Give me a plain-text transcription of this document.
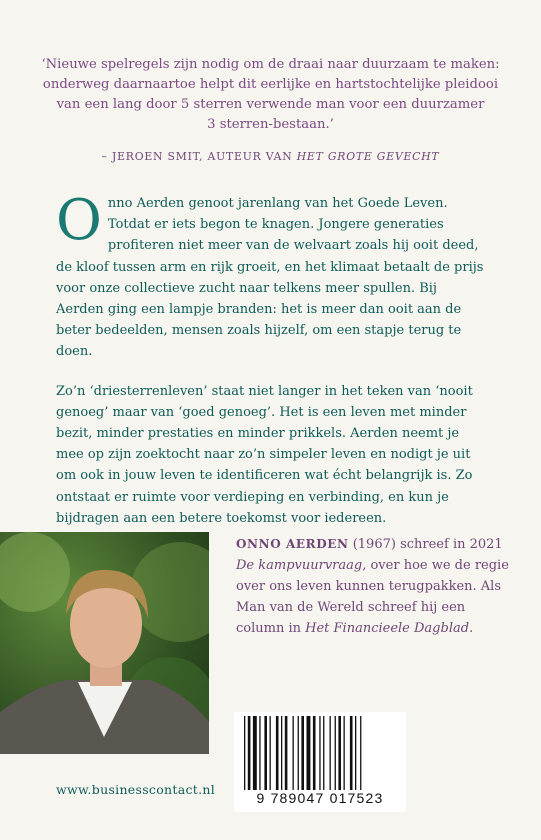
‘Nieuwe spelregels zijn nodig om de draai naar duurzaam te maken:

onderweg daarnaartoe helpt dit eerlijke en hartstochtelijke pleidooi

van een lang door 5 sterren verwende man voor een duurzamer

3 sterren-bestaan.’

– JEROEN SMIT, AUTEUR VAN HET GROTE GEVECHT

Onno Aerden genoot jarenlang van het Goede Leven. Totdat er iets begon te knagen. Jongere generaties profiteren niet meer van de welvaart zoals hij ooit deed, de kloof tussen arm en rijk groeit, en het klimaat betaalt de prijs voor onze collectieve zucht naar telkens meer spullen. Bij Aerden ging een lampje branden: het is meer dan ooit aan de beter bedeelden, mensen zoals hijzelf, om een stapje terug te doen.

Zo’n ‘driesterrenleven’ staat niet langer in het teken van ‘nooit genoeg’ maar van ‘goed genoeg’. Het is een leven met minder bezit, minder prestaties en minder prikkels. Aerden neemt je mee op zijn zoektocht naar zo’n simpeler leven en nodigt je uit om ook in jouw leven te identificeren wat écht belangrijk is. Zo ontstaat er ruimte voor verdieping en verbinding, en kun je bijdragen aan een betere toekomst voor iedereen.

ONNO AERDEN (1967) schreef in 2021 De kampvuurvraag, over hoe we de regie over ons leven kunnen terugpakken. Als Man van de Wereld schreef hij een column in Het Financieele Dagblad.
9 789047 017523
www.businesscontact.nl
